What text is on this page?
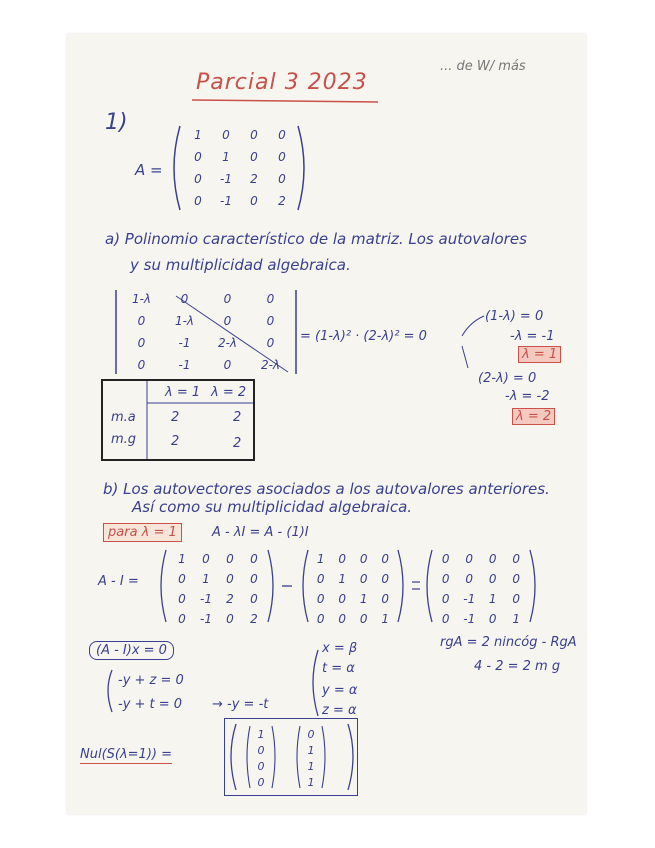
... de W/ más
Parcial 3 2023
1)
A =
1	0	0	0
0	1	0	0
0	-1	2	0
0	-1	0	2
a) Polinomio característico de la matriz. Los autovalores
y su multiplicidad algebraica.
1-λ	0	0	0
0	1-λ	0	0
0	-1	2-λ	0
0	-1	0	2-λ
= (1-λ)² · (2-λ)² = 0
(1-λ) = 0
-λ = -1
λ = 1
(2-λ) = 0
-λ = -2
λ = 2
λ = 1 λ = 2
m.a	2	2
m.g	2	2
b) Los autovectores asociados a los autovalores anteriores.
Así como su multiplicidad algebraica.
para λ = 1	A - λI = A - (1)I
A - I =
1	0	0	0
0	1	0	0
0	-1	2	0
0	-1	0	2
1	0	0	0
0	1	0	0
0	0	1	0
0	0	0	1
0	0	0	0
0	0	0	0
0	-1	1	0
0	-1	0	1
(A - I)x = 0
-y + z = 0
-y + t = 0 → -y = -t
x = β
t = α
y = α
z = α
rgA = 2 nincóg - RgA
4 - 2 = 2 m g
Nul(S(λ=1)) =
1
0
0
0
0
1
1
1
